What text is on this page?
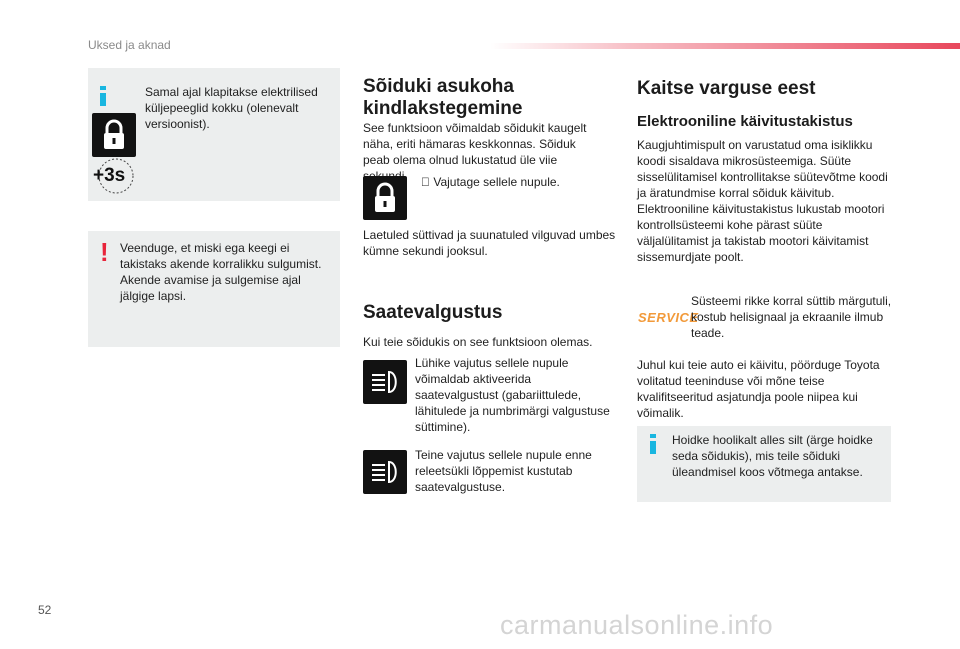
Uksed ja aknad
+3s
Samal ajal klapitakse elektrilised küljepeeglid kokku (olenevalt versioonist).
! Veenduge, et miski ega keegi ei takistaks akende korralikku sulgumist. Akende avamise ja sulgemise ajal jälgige lapsi.
Sõiduki asukoha kindlakstegemine
See funktsioon võimaldab sõidukit kaugelt näha, eriti hämaras keskkonnas. Sõiduk peab olema olnud lukustatud üle viie
Vajutage sellele nupule.
Laetuled süttivad ja suunatuled vilguvad umbes kümne sekundi jooksul.
Saatevalgustus
Kui teie sõidukis on see funktsioon olemas.
Lühike vajutus sellele nupule võimaldab aktiveerida saatevalgustust (gabariittulede, lähitulede ja numbrimärgi valgustuse süttimine).
Teine vajutus sellele nupule enne releetsükli lõppemist kustutab saatevalgustuse.
Kaitse varguse eest
Elektrooniline käivitustakistus
Kaugjuhtimispult on varustatud oma isiklikku koodi sisaldava mikrosüsteemiga. Süüte sisselülitamisel kontrollitakse süütevõtme koodi ja äratundmise korral sõiduk käivitub. Elektrooniline käivitustakistus lukustab mootori kontrollsüsteemi kohe pärast süüte väljalülitamist ja takistab mootori käivitamist sissemurdjate poolt.
SERVICE
Süsteemi rikke korral süttib märgutuli, kostub helisignaal ja ekraanile ilmub teade.
Juhul kui teie auto ei käivitu, pöörduge Toyota volitatud teeninduse või mõne teise kvalifitseeritud asjatundja poole niipea kui võimalik.
Hoidke hoolikalt alles silt (ärge hoidke seda sõidukis), mis teile sõiduki üleandmisel koos võtmega antakse.
52	carmanualsonline.info
